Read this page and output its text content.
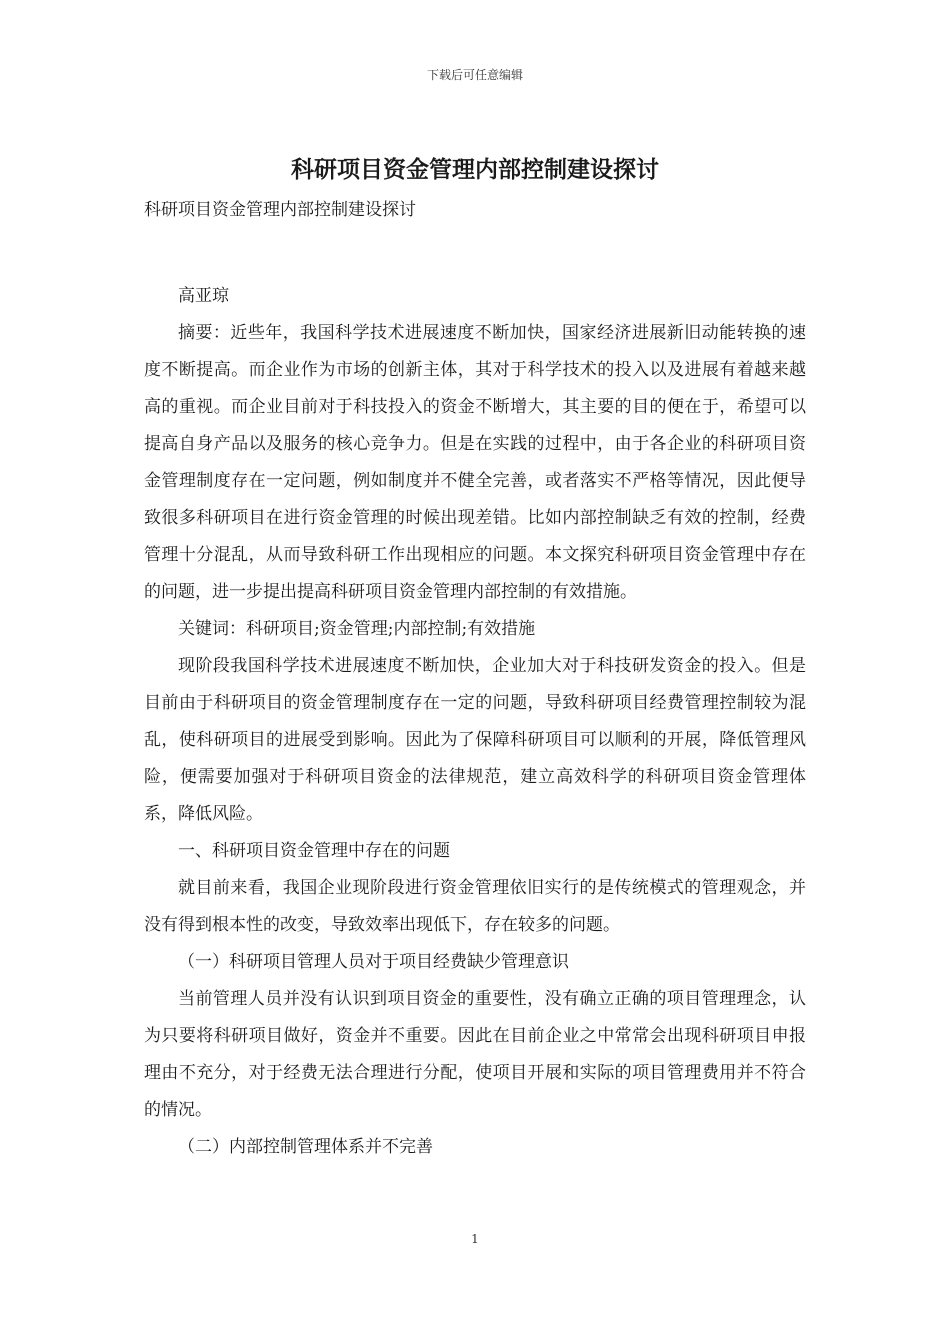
下载后可任意编辑
科研项目资金管理内部控制建设探讨
科研项目资金管理内部控制建设探讨

高亚琼

摘要：近些年，我国科学技术进展速度不断加快，国家经济进展新旧动能转换的速度不断提高。而企业作为市场的创新主体，其对于科学技术的投入以及进展有着越来越高的重视。而企业目前对于科技投入的资金不断增大，其主要的目的便在于，希望可以提高自身产品以及服务的核心竞争力。但是在实践的过程中，由于各企业的科研项目资金管理制度存在一定问题，例如制度并不健全完善，或者落实不严格等情况，因此便导致很多科研项目在进行资金管理的时候出现差错。比如内部控制缺乏有效的控制，经费管理十分混乱，从而导致科研工作出现相应的问题。本文探究科研项目资金管理中存在的问题，进一步提出提高科研项目资金管理内部控制的有效措施。

关键词：科研项目;资金管理;内部控制;有效措施

现阶段我国科学技术进展速度不断加快，企业加大对于科技研发资金的投入。但是目前由于科研项目的资金管理制度存在一定的问题，导致科研项目经费管理控制较为混乱，使科研项目的进展受到影响。因此为了保障科研项目可以顺利的开展，降低管理风险，便需要加强对于科研项目资金的法律规范，建立高效科学的科研项目资金管理体系，降低风险。

一、科研项目资金管理中存在的问题

就目前来看，我国企业现阶段进行资金管理依旧实行的是传统模式的管理观念，并没有得到根本性的改变，导致效率出现低下，存在较多的问题。

（一）科研项目管理人员对于项目经费缺少管理意识

当前管理人员并没有认识到项目资金的重要性，没有确立正确的项目管理理念，认为只要将科研项目做好，资金并不重要。因此在目前企业之中常常会出现科研项目申报理由不充分，对于经费无法合理进行分配，使项目开展和实际的项目管理费用并不符合的情况。

（二）内部控制管理体系并不完善

1
